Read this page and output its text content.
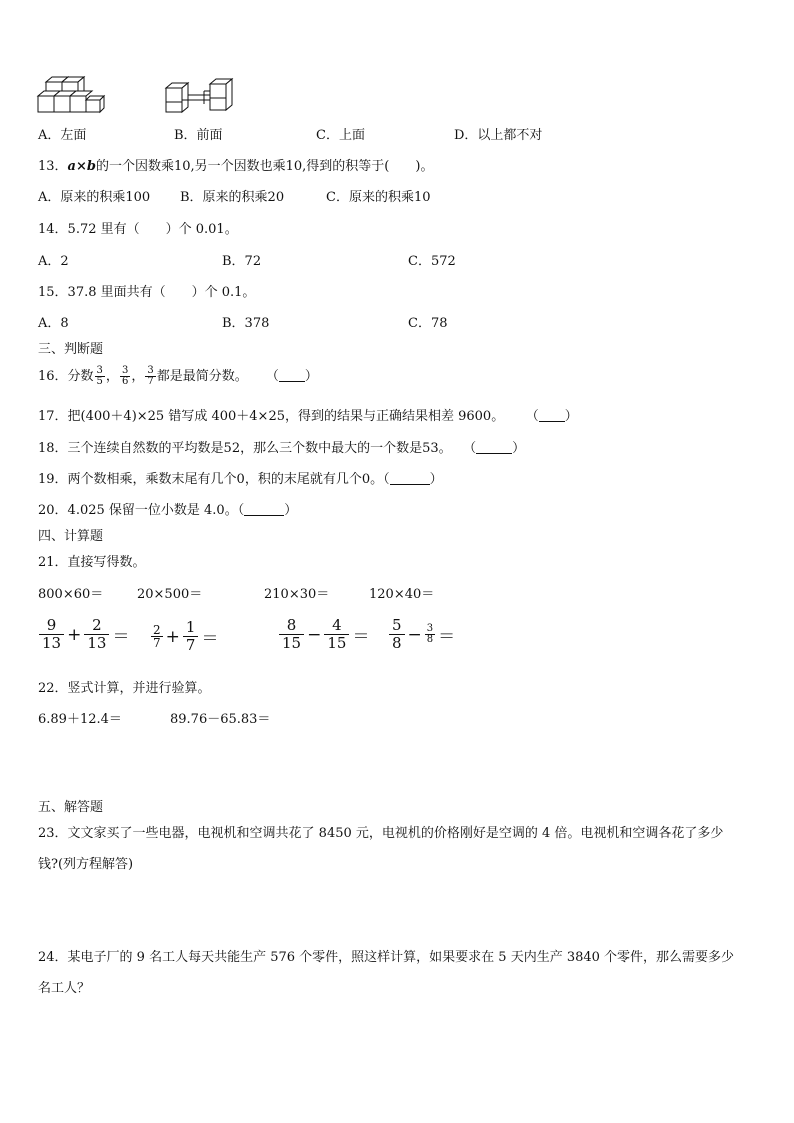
A．左面	B．前面	C．上面	D．以上都不对
13．a×b的一个因数乘10,另一个因数也乘10,得到的积等于(　　)。
A．原来的积乘100 B．原来的积乘20	C．原来的积乘10
14．5.72 里有（　　）个 0.01。
A．2	B．72	C．572
15．37.8 里面共有（　　）个 0.1。
A．8	B．378	C．78
三、判断题
16．分数 $\frac{3}{5}$ ， $\frac{3}{6}$ ， $\frac{3}{7}$ 都是最简分数。 （ ）
17．把(400＋4)×25 错写成 400＋4×25，得到的结果与正确结果相差 9600。 （ ）
18．三个连续自然数的平均数是52，那么三个数中最大的一个数是53。 （	）
19．两个数相乘，乘数末尾有几个0，积的末尾就有几个0。（	）
20．4.025 保留一位小数是 4.0。（	）
四、计算题
21．直接写得数。
800×60＝	20×500＝	210×30＝	120×40＝
$\frac{9}{13} + \frac{2}{13} = \frac{2}{7} + \frac{1}{7}$ ＝	$\frac{8}{15} - \frac{4}{15} = \frac{5}{8} - \frac{3}{8}$ ＝
22．竖式计算，并进行验算。
6.89＋12.4＝	89.76－65.83＝
五、解答题
23．文文家买了一些电器，电视机和空调共花了 8450 元，电视机的价格刚好是空调的 4 倍。电视机和空调各花了多少
钱?(列方程解答)
24．某电子厂的 9 名工人每天共能生产 576 个零件，照这样计算，如果要求在 5 天内生产 3840 个零件，那么需要多少
名工人？
